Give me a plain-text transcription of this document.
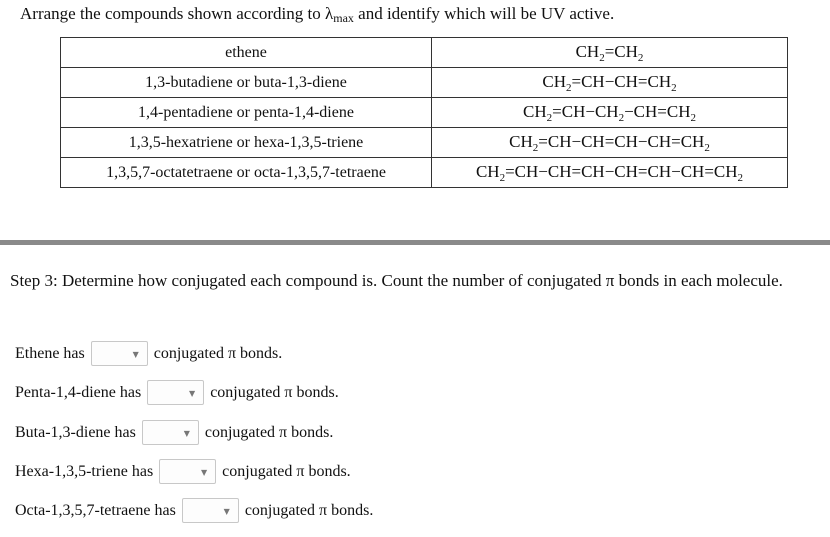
Arrange the compounds shown according to $\lambda_{max}$ and identify which will be UV active.
ethene	$CH_2=CH_2$
1,3-butadiene or buta-1,3-diene	$CH_2=CH-CH=CH_2$
1,4-pentadiene or penta-1,4-diene	$CH_2=CH-CH_2-CH=CH_2$
1,3,5-hexatriene or hexa-1,3,5-triene	$CH_2=CH-CH=CH-CH=CH_2$
1,3,5,7-octatetraene or octa-1,3,5,7-tetraene	$CH_2=CH-CH=CH-CH=CH-CH=CH_2$
Step 3: Determine how conjugated each compound is. Count the number of conjugated π bonds in each molecule.
Ethene has	▼ conjugated π bonds.
Penta-1,4-diene has	▼ conjugated π bonds.
Buta-1,3-diene has	▼ conjugated π bonds.
Hexa-1,3,5-triene has	▼ conjugated π bonds.
Octa-1,3,5,7-tetraene has	▼ conjugated π bonds.
